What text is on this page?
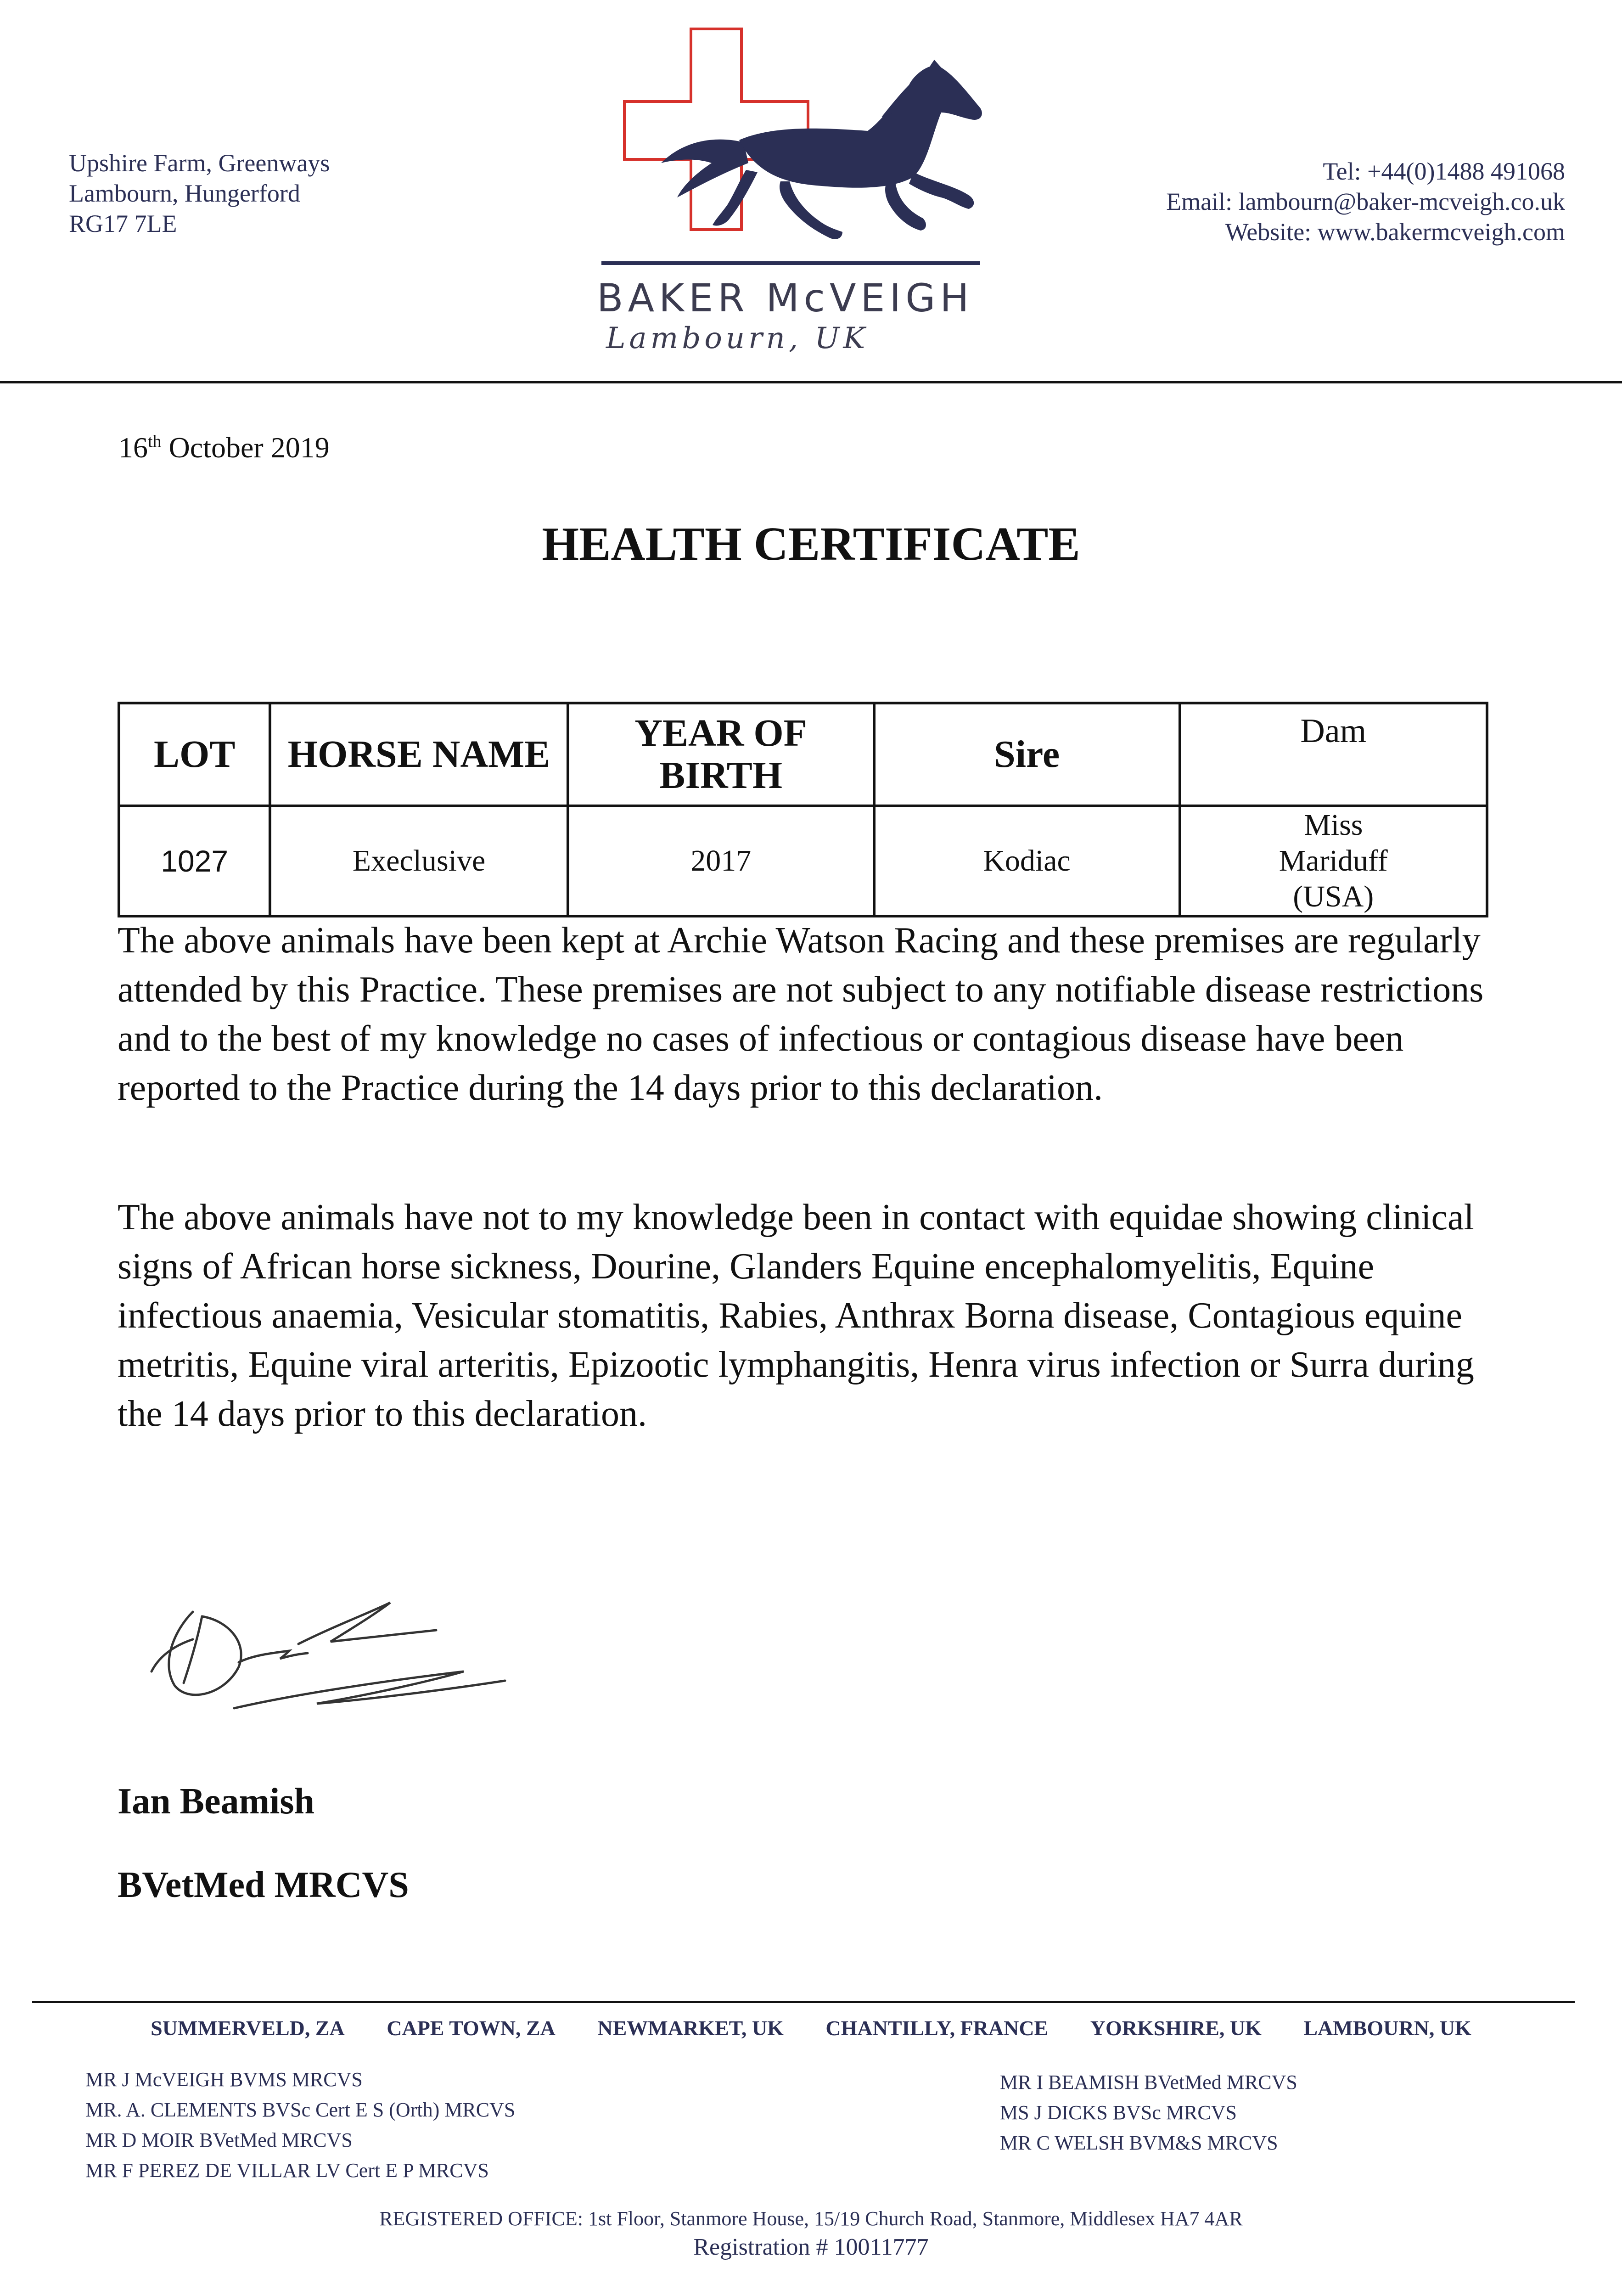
Upshire Farm, Greenways
Lambourn, Hungerford
RG17 7LE
BAKER McVEIGH
Lambourn, UK
Tel: +44(0)1488 491068
Email: lambourn@baker-mcveigh.co.uk
Website: www.bakermcveigh.com
16th October 2019
HEALTH CERTIFICATE
LOT	HORSE NAME	YEAR OF BIRTH	Sire	Dam
1027	Execlusive	2017	Kodiac	Miss Mariduff (USA)
The above animals have been kept at Archie Watson Racing and these premises are regularly attended by this Practice. These premises are not subject to any notifiable disease restrictions and to the best of my knowledge no cases of infectious or contagious disease have been reported to the Practice during the 14 days prior to this declaration.
The above animals have not to my knowledge been in contact with equidae showing clinical signs of African horse sickness, Dourine, Glanders Equine encephalomyelitis, Equine infectious anaemia, Vesicular stomatitis, Rabies, Anthrax Borna disease, Contagious equine metritis, Equine viral arteritis, Epizootic lymphangitis, Henra virus infection or Surra during the 14 days prior to this declaration.
Ian Beamish
BVetMed MRCVS
SUMMERVELD, ZA CAPE TOWN, ZA NEWMARKET, UK CHANTILLY, FRANCE YORKSHIRE, UK LAMBOURN, UK
MR J McVEIGH BVMS MRCVS
MR. A. CLEMENTS BVSc Cert E S (Orth) MRCVS
MR D MOIR BVetMed MRCVS
MR F PEREZ DE VILLAR LV Cert E P MRCVS
MR I BEAMISH BVetMed MRCVS
MS J DICKS BVSc MRCVS
MR C WELSH BVM&S MRCVS
REGISTERED OFFICE: 1st Floor, Stanmore House, 15/19 Church Road, Stanmore, Middlesex HA7 4AR
Registration # 10011777
